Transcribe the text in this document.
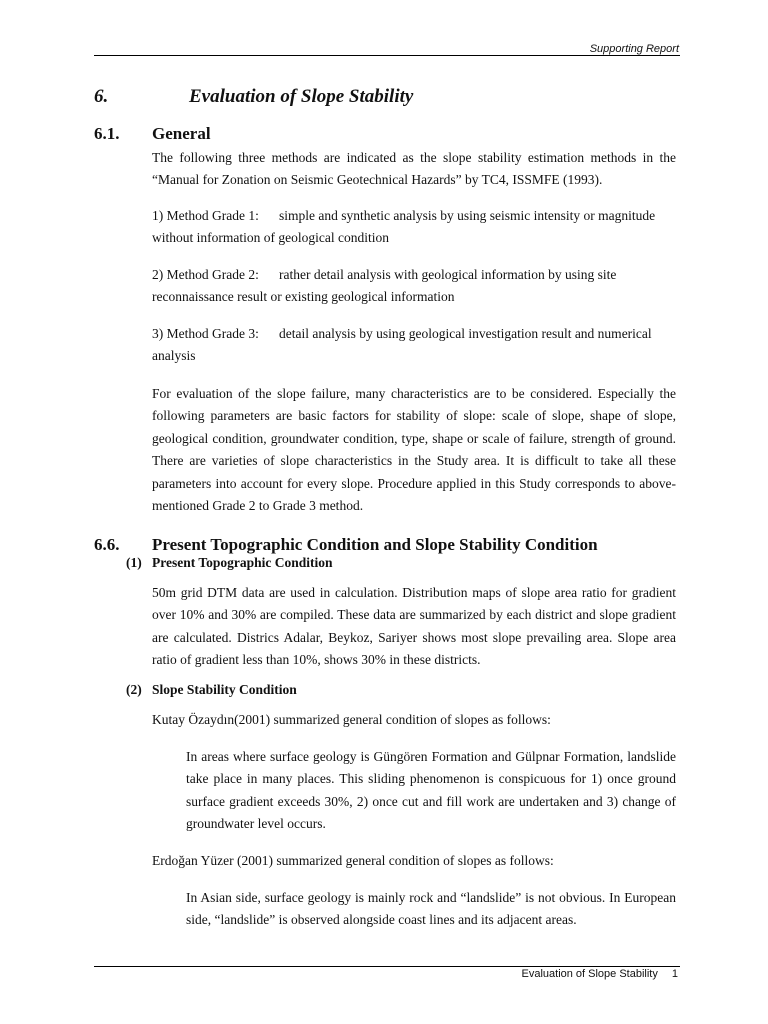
Supporting Report
6.	Evaluation of Slope Stability
6.1. General
The following three methods are indicated as the slope stability estimation methods in the “Manual for Zonation on Seismic Geotechnical Hazards” by TC4, ISSMFE (1993).
1) Method Grade 1: simple and synthetic analysis by using seismic intensity or magnitude without information of geological condition
2) Method Grade 2: rather detail analysis with geological information by using site reconnaissance result or existing geological information
3) Method Grade 3: detail analysis by using geological investigation result and numerical analysis
For evaluation of the slope failure, many characteristics are to be considered. Especially the following parameters are basic factors for stability of slope: scale of slope, shape of slope, geological condition, groundwater condition, type, shape or scale of failure, strength of ground. There are varieties of slope characteristics in the Study area. It is difficult to take all these parameters into account for every slope. Procedure applied in this Study corresponds to above-mentioned Grade 2 to Grade 3 method.
6.6. Present Topographic Condition and Slope Stability Condition
(1) Present Topographic Condition
50m grid DTM data are used in calculation. Distribution maps of slope area ratio for gradient over 10% and 30% are compiled. These data are summarized by each district and slope gradient are calculated. Districs Adalar, Beykoz, Sariyer shows most slope prevailing area. Slope area ratio of gradient less than 10%, shows 30% in these districts.
(2) Slope Stability Condition
Kutay Özaydın(2001) summarized general condition of slopes as follows:
In areas where surface geology is Güngören Formation and Gülpnar Formation, landslide take place in many places. This sliding phenomenon is conspicuous for 1) once ground surface gradient exceeds 30%, 2) once cut and fill work are undertaken and 3) change of groundwater level occurs.
Erdoğan Yüzer (2001) summarized general condition of slopes as follows:
In Asian side, surface geology is mainly rock and “landslide” is not obvious. In European side, “landslide” is observed alongside coast lines and its adjacent areas.
Evaluation of Slope Stability 1
